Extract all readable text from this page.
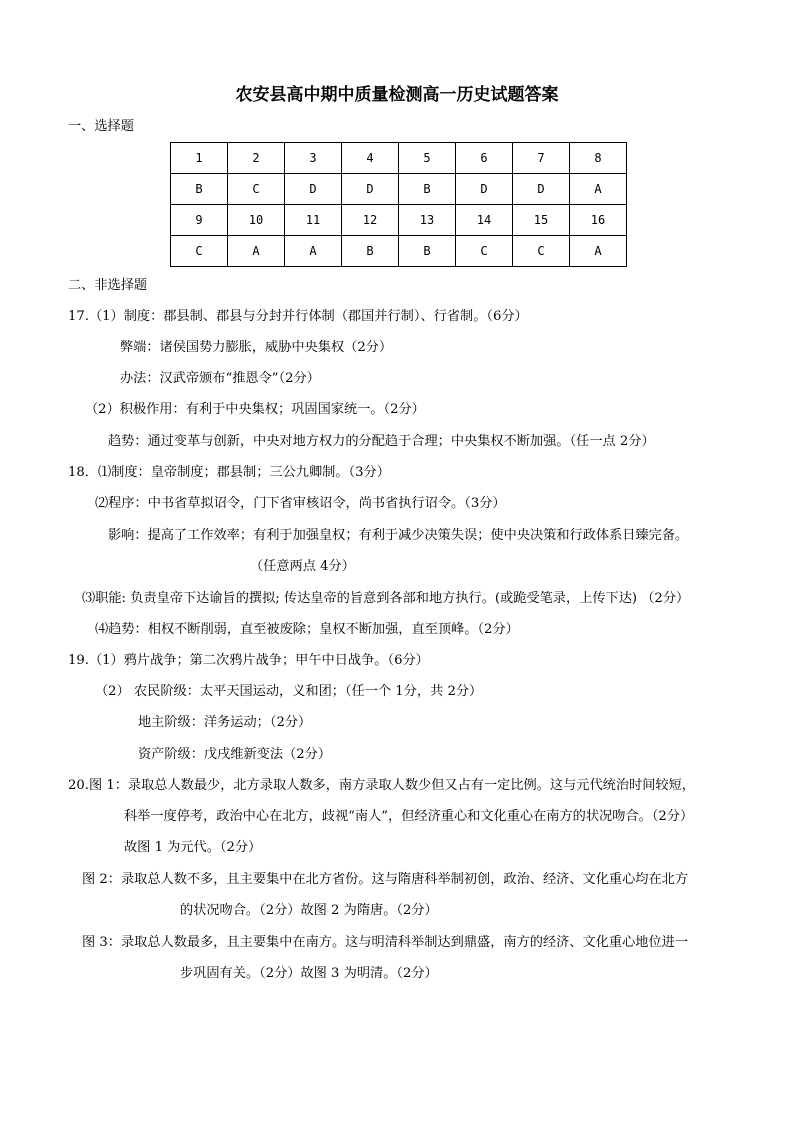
农安县高中期中质量检测高一历史试题答案
一、选择题
1	2	3	4	5	6	7	8
B	C	D	D	B	D	D	A
9	10	11	12	13	14	15	16
C	A	A	B	B	C	C	A
二、非选择题
17.（1）制度：郡县制、郡县与分封并行体制（郡国并行制）、行省制。（6分）
弊端：诸侯国势力膨胀，威胁中央集权（2分）
办法：汉武帝颁布“推恩令”（2分）
（2）积极作用：有利于中央集权；巩固国家统一。（2分）
趋势：通过变革与创新，中央对地方权力的分配趋于合理；中央集权不断加强。（任一点 2分）
18．⑴制度：皇帝制度；郡县制；三公九卿制。（3分）
⑵程序：中书省草拟诏令，门下省审核诏令，尚书省执行诏令。（3分）
影响：提高了工作效率；有利于加强皇权；有利于减少决策失误；使中央决策和行政体系日臻完备。
（任意两点 4分）
⑶职能: 负责皇帝下达谕旨的撰拟; 传达皇帝的旨意到各部和地方执行。(或跪受笔录，上传下达) （2分）
⑷趋势：相权不断削弱，直至被废除；皇权不断加强，直至顶峰。（2分）
19.（1）鸦片战争；第二次鸦片战争；甲午中日战争。（6分）
（2） 农民阶级：太平天国运动，义和团；（任一个 1分，共 2分）
地主阶级：洋务运动；（2分）
资产阶级：戊戌维新变法（2分）
20.图 1：录取总人数最少，北方录取人数多，南方录取人数少但又占有一定比例。这与元代统治时间较短，
科举一度停考，政治中心在北方，歧视“南人”，但经济重心和文化重心在南方的状况吻合。（2分）
故图 1 为元代。（2分）
图 2：录取总人数不多，且主要集中在北方省份。这与隋唐科举制初创，政治、经济、文化重心均在北方
的状况吻合。（2分）故图 2 为隋唐。（2分）
图 3：录取总人数最多，且主要集中在南方。这与明清科举制达到鼎盛，南方的经济、文化重心地位进一
步巩固有关。（2分）故图 3 为明清。（2分）
